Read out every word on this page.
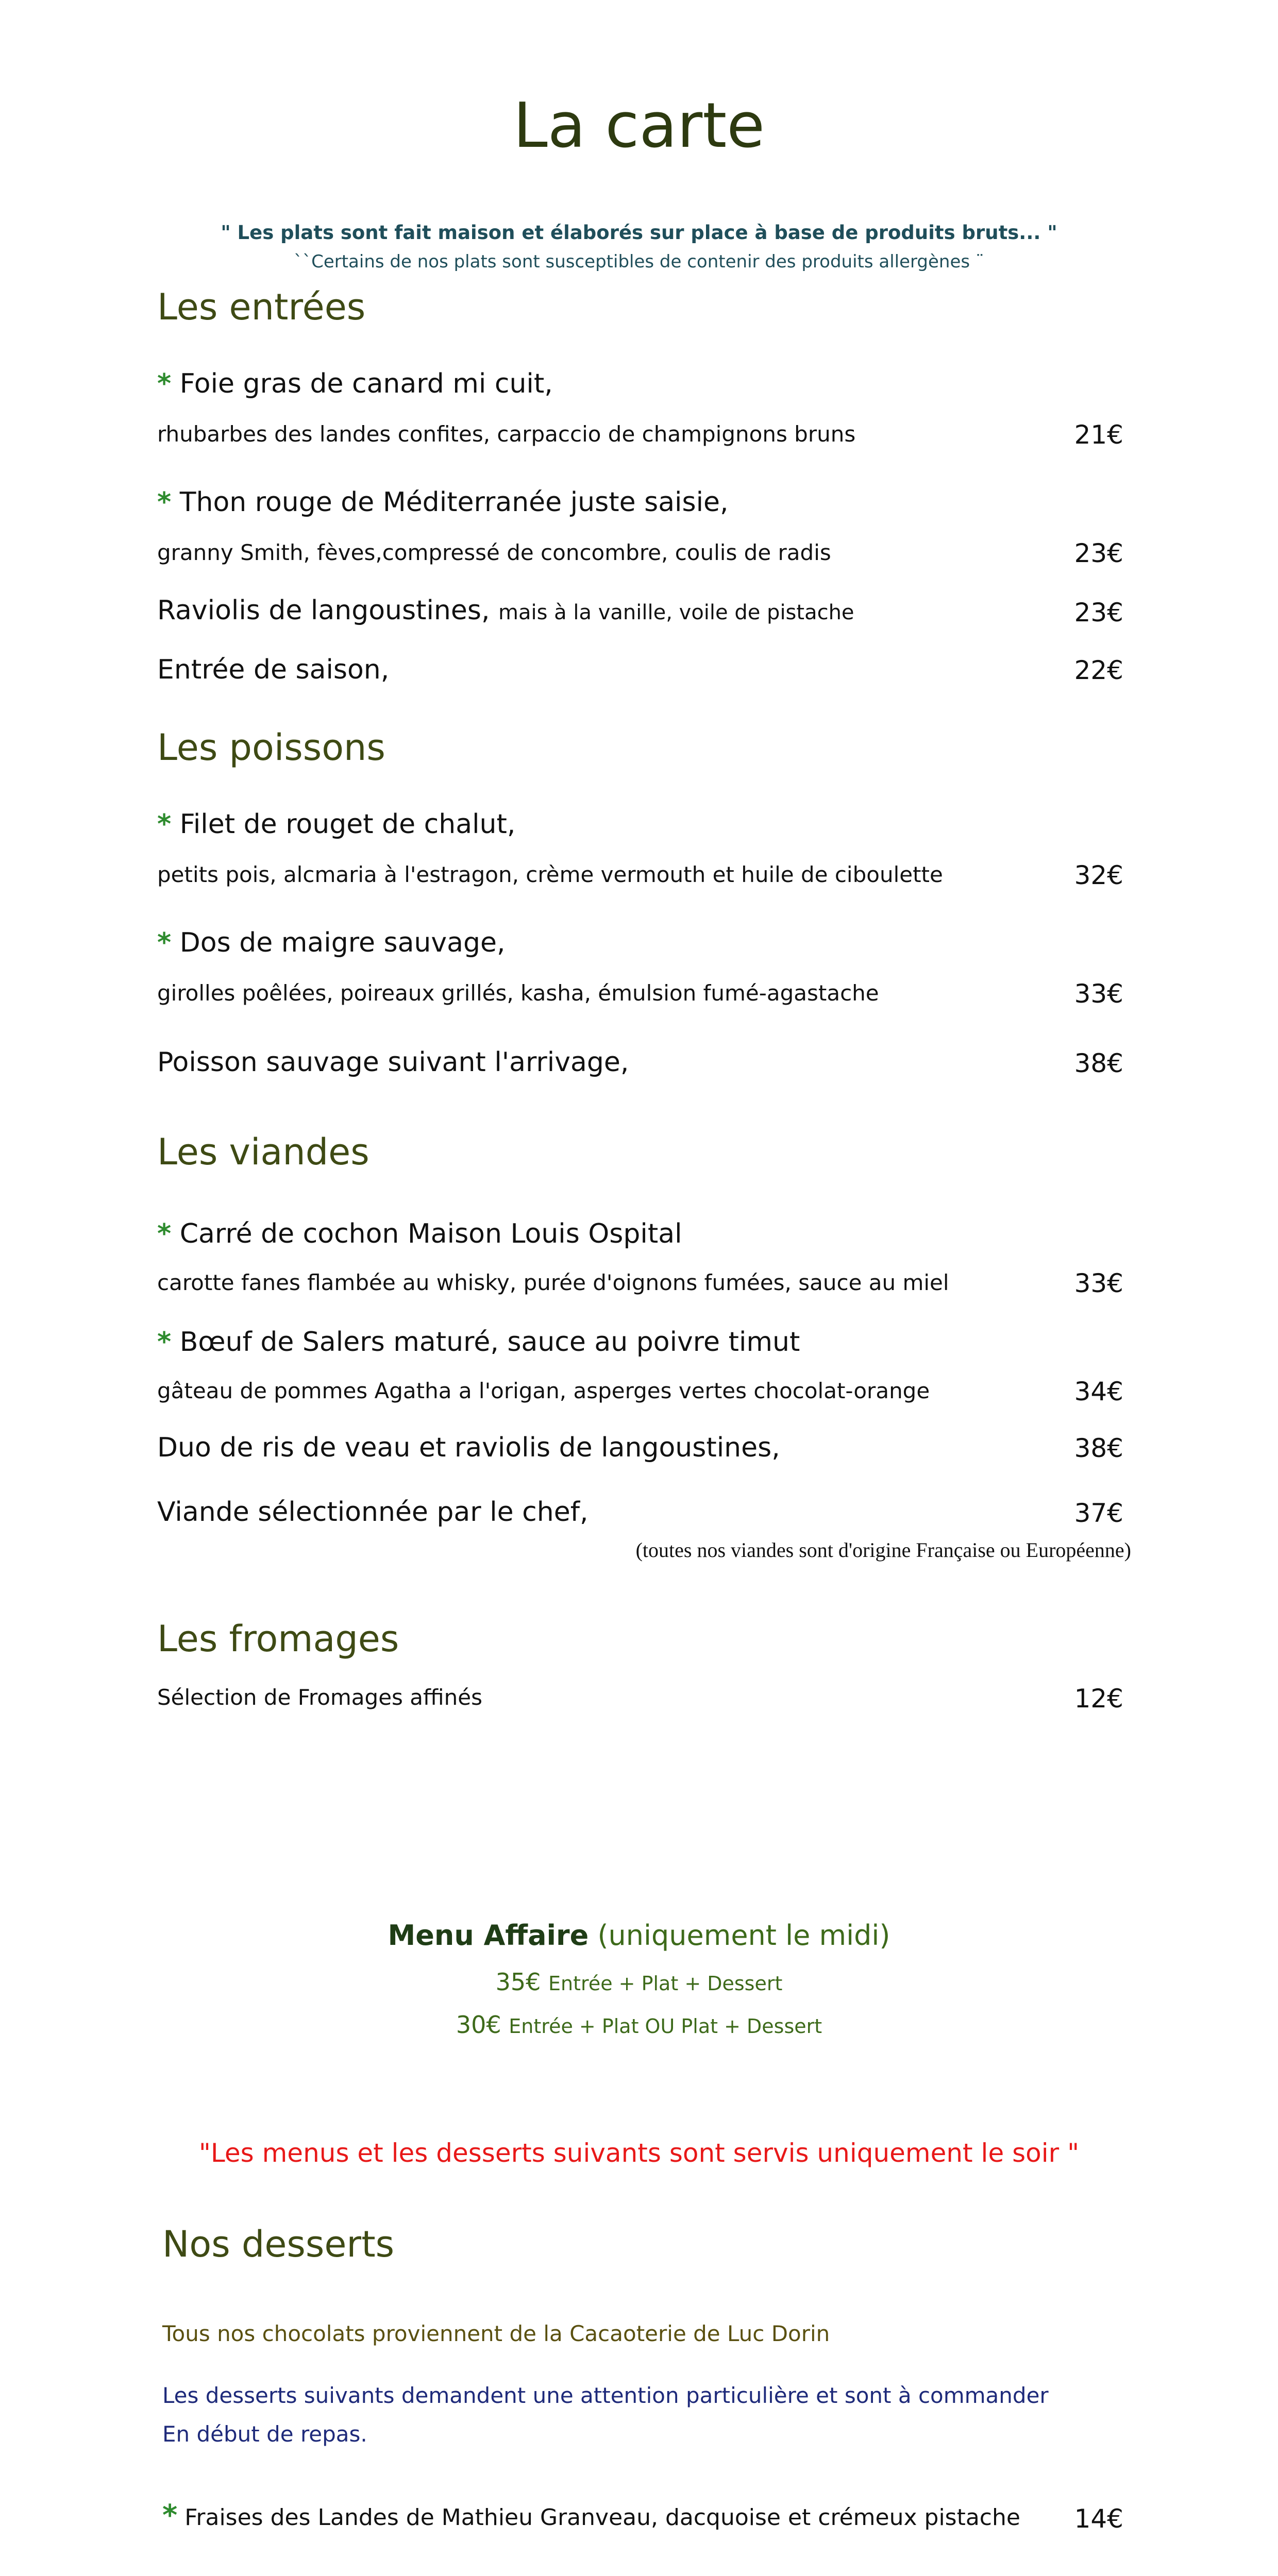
La carte
" Les plats sont fait maison et élaborés sur place à base de produits bruts... "
``Certains de nos plats sont susceptibles de contenir des produits allergènes ¨
Les entrées
* Foie gras de canard mi cuit,
rhubarbes des landes confites, carpaccio de champignons bruns	21€
* Thon rouge de Méditerranée juste saisie,
granny Smith, fèves,compressé de concombre, coulis de radis	23€
Raviolis de langoustines, mais à la vanille, voile de pistache	23€
Entrée de saison,	22€
Les poissons
* Filet de rouget de chalut,
petits pois, alcmaria à l'estragon, crème vermouth et huile de ciboulette	32€
* Dos de maigre sauvage,
girolles poêlées, poireaux grillés, kasha, émulsion fumé-agastache	33€
Poisson sauvage suivant l'arrivage,	38€
Les viandes
* Carré de cochon Maison Louis Ospital
carotte fanes flambée au whisky, purée d'oignons fumées, sauce au miel	33€
* Bœuf de Salers maturé, sauce au poivre timut
gâteau de pommes Agatha a l'origan, asperges vertes chocolat-orange	34€
Duo de ris de veau et raviolis de langoustines,	38€
Viande sélectionnée par le chef,	37€
(toutes nos viandes sont d'origine Française ou Européenne)
Les fromages
Sélection de Fromages affinés	12€
Menu Affaire (uniquement le midi)
35€ Entrée + Plat + Dessert
30€ Entrée + Plat OU Plat + Dessert
"Les menus et les desserts suivants sont servis uniquement le soir "
Nos desserts
Tous nos chocolats proviennent de la Cacaoterie de Luc Dorin
Les desserts suivants demandent une attention particulière et sont à commander
En début de repas.
* Fraises des Landes de Mathieu Granveau, dacquoise et crémeux pistache 14€
